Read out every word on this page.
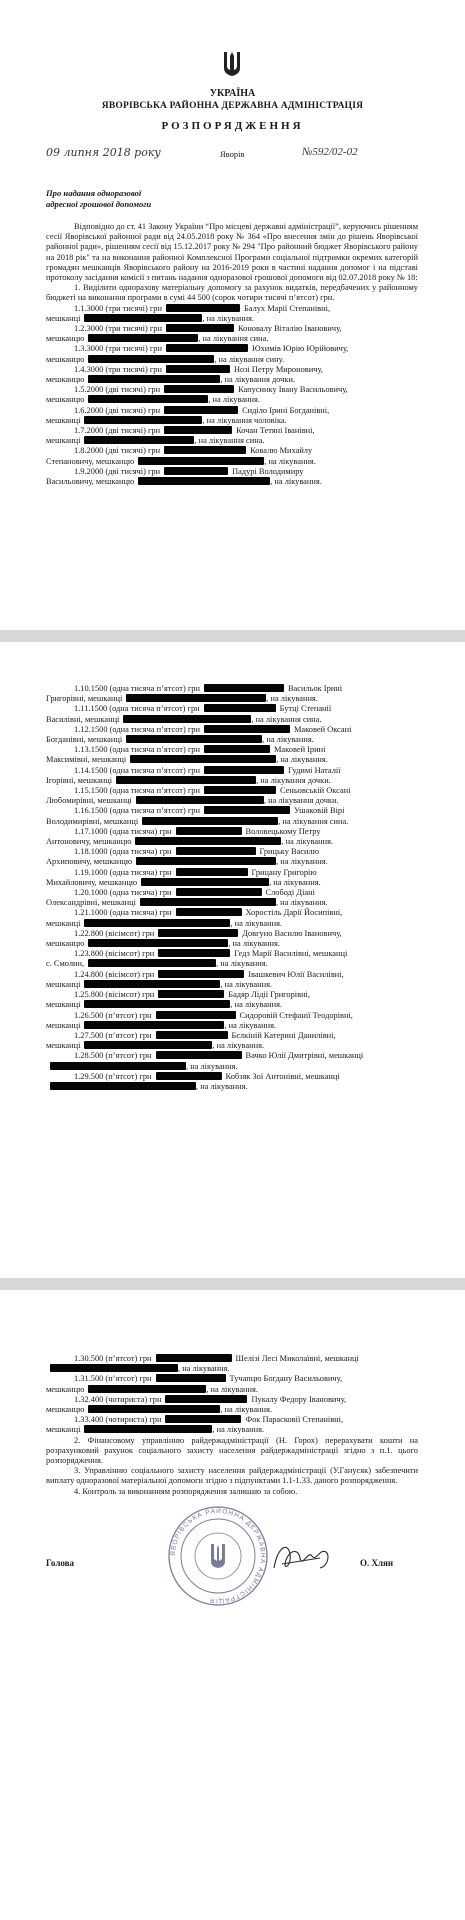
УКРАЇНА
ЯВОРІВСЬКА РАЙОННА ДЕРЖАВНА АДМІНІСТРАЦІЯ
РОЗПОРЯДЖЕННЯ
09 липня 2018 року	Яворів	№592/02-02
Про надання одноразової
адресної грошової допомоги

Відповідно до ст. 41 Закону України “Про місцеві державні адміністрації”, керуючись рішенням сесії Яворівської районної ради від 24.05.2018 року № 364 «Про внесення змін до рішень Яворівської районної ради», рішенням сесії від 15.12.2017 року № 294 "Про районний бюджет Яворівського району на 2018 рік" та на виконання районної Комплексної Програми соціальної підтримки окремих категорій громадян мешканців Яворівського району на 2016-2019 роки в частині надання допомог і на підставі протоколу засідання комісії з питань надання одноразової грошової допомоги від 02.07.2018 року № 18:

1. Виділити одноразову матеріальну допомогу за рахунок видатків, передбачених у районному бюджеті на виконання програми в сумі 44 500 (сорок чотири тисячі п’ятсот) грн.

1.1.3000 (три тисячі) грн	Балух Марії Степанівні,
мешканці	, на лікування.

1.2.3000 (три тисячі) грн	Коновалу Віталію Івановичу,
мешканцю	, на лікування сина.

1.3.3000 (три тисячі) грн	Юхимів Юрію Юрійовичу,
мешканцю	, на лікування сину.

1.4.3000 (три тисячі) грн	Нозі Петру Мироновичу,
мешканцю	, на лікування дочки.

1.5.2000 (дві тисячі) грн	Капусинку Івану Васильовичу,
мешканцю	, на лікування.

1.6.2000 (дві тисячі) грн	Сиділо Ірині Богданівні,
мешканці	, на лікування чоловіка.

1.7.2000 (дві тисячі) грн	Кочан Тетяні Іванівні,
мешканці	, на лікування сина.

1.8.2000 (дві тисячі) грн	Ковалю Михайлу
Степановичу, мешканцю	, на лікування.

1.9.2000 (дві тисячі) грн	Падурі Володимиру
Васильовичу, мешканцю	, на лікування.

1.10.1500 (одна тисяча п’ятсот) грн	Васильок Ірині
Григорівні, мешканці	, на лікування.

1.11.1500 (одна тисяча п’ятсот) грн	Бутці Степанії
Василівні, мешканці	, на лікування сина.

1.12.1500 (одна тисяча п’ятсот) грн	Маковей Оксані
Богданівні, мешканці	, на лікування.

1.13.1500 (одна тисяча п’ятсот) грн	Маковей Ірині
Максимівні, мешканці	, на лікування.

1.14.1500 (одна тисяча п’ятсот) грн	Гудимі Наталії
Ігорівні, мешканці	, на лікування дочки.

1.15.1500 (одна тисяча п’ятсот) грн	Сеньовській Оксані
Любомирівні, мешканці	, на лікування дочки.

1.16.1500 (одна тисяча п’ятсот) грн	Ушаковій Вірі
Володимирівні, мешканці	, на лікування сина.

1.17.1000 (одна тисяча) грн	Воловецькому Петру
Антоновичу, мешканцю	, на лікування.

1.18.1000 (одна тисяча) грн	Грицьку Василю
Архиповичу, мешканцю	, на лікування.

1.19.1000 (одна тисяча) грн	Грицану Григорію
Михайловичу, мешканцю	, на лікування.

1.20.1000 (одна тисяча) грн	Слободі Діані
Олександрівні, мешканці	, на лікування.

1.21.1000 (одна тисяча) грн	Хоростіль Дарії Йосипівні,
мешканці	, на лікування.

1.22.800 (вісімсот) грн	Довгуно Василю Івановичу,
мешканцю	, на лікування.

1.23.800 (вісімсот) грн	Гедз Марії Василівні, мешканці
с. Смолин,	, на лікування.

1.24.800 (вісімсот) грн	Івашкевич Юлії Василівні,
мешканці	, на лікування.

1.25.800 (вісімсот) грн	Бадяр Лідії Григорівні,
мешканці	, на лікування.

1.26.500 (п’ятсот) грн	Сидоровій Стефанії Теодорівні,
мешканці	, на лікування.

1.27.500 (п’ятсот) грн	Бєлкіній Катерині Данилівні,
мешканці	, на лікування.

1.28.500 (п’ятсот) грн	Вачко Юлії Дмитрівні, мешканці
, на лікування.

1.29.500 (п’ятсот) грн	Кобзяк Зої Антонівні, мешканці
, на лікування.

1.30.500 (п’ятсот) грн	Шелізі Лесі Миколаївні, мешканці
, на лікування.

1.31.500 (п’ятсот) грн	Тучапцю Богдану Васильовичу,
мешканцю	, на лікування.

1.32.400 (чотириста) грн	Пукалу Федору Івановичу,
мешканцю	, на лікування.

1.33.400 (чотириста) грн	Фок Парасковії Степанівні,
мешканці	, на лікування.

2. Фінансовому управлінню райдержадміністрації (Н. Горох) перерахувати кошти на розрахунковий рахунок соціального захисту населення райдержадміністрації згідно з п.1. цього розпорядження.

3. Управлінню соціального захисту населення райдержадміністрації (У.Ганусяк) забезпечити виплату одноразової матеріальної допомоги згідно з підпунктами 1.1-1.33. даного розпорядження.

4. Контроль за виконанням розпорядження залишаю за собою.

Голова	О. Хлян
ЯВОРІВСЬКА РАЙОННА ДЕРЖАВНА АДМІНІСТРАЦІЯ
